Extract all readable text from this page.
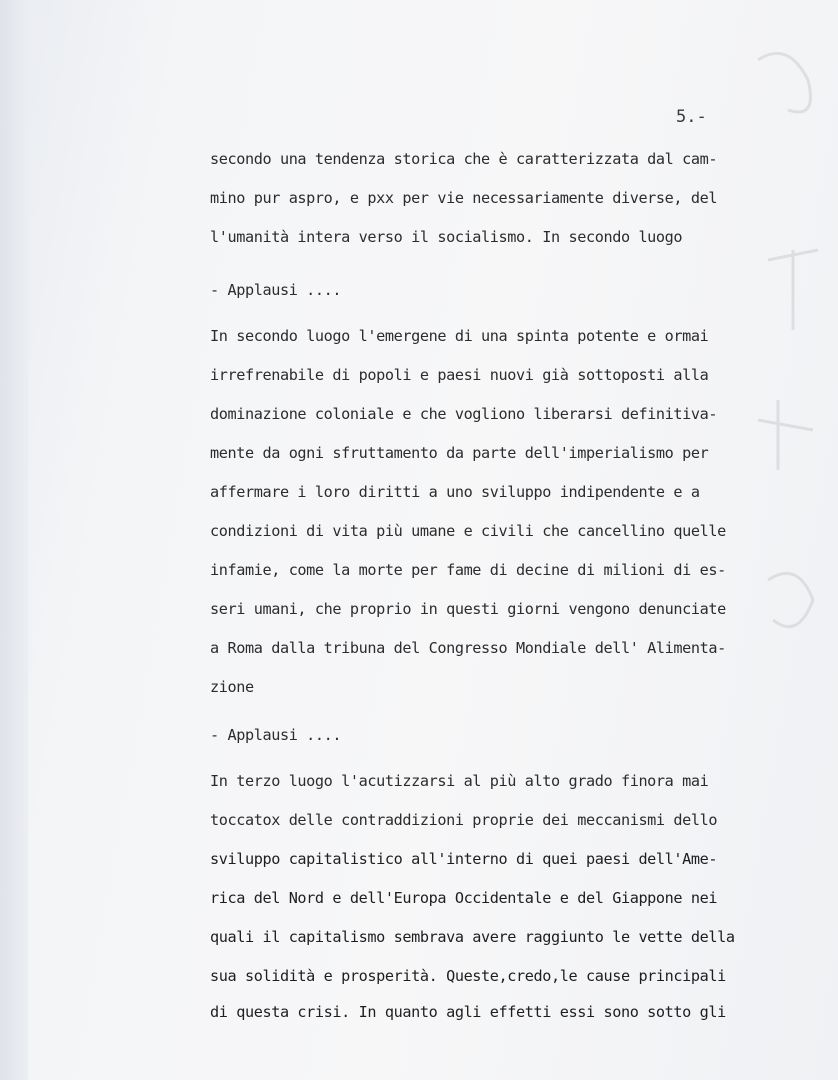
5.-
secondo una tendenza storica che è caratterizzata dal cam-
mino pur aspro, e pxx per vie necessariamente diverse, del
l'umanità intera verso il socialismo. In secondo luogo
- Applausi ....
In secondo luogo l'emergene di una spinta potente e ormai
irrefrenabile di popoli e paesi nuovi già sottoposti alla
dominazione coloniale e che vogliono liberarsi definitiva-
mente da ogni sfruttamento da parte dell'imperialismo per
affermare i loro diritti a uno sviluppo indipendente e a
condizioni di vita più umane e civili che cancellino quelle
infamie, come la morte per fame di decine di milioni di es-
seri umani, che proprio in questi giorni vengono denunciate
a Roma dalla tribuna del Congresso Mondiale dell' Alimenta-
zione
- Applausi ....
In terzo luogo l'acutizzarsi al più alto grado finora mai
toccatox delle contraddizioni proprie dei meccanismi dello
sviluppo capitalistico all'interno di quei paesi dell'Ame-
rica del Nord e dell'Europa Occidentale e del Giappone nei
quali il capitalismo sembrava avere raggiunto le vette della
sua solidità e prosperità. Queste,credo,le cause principali
di questa crisi. In quanto agli effetti essi sono sotto gli
